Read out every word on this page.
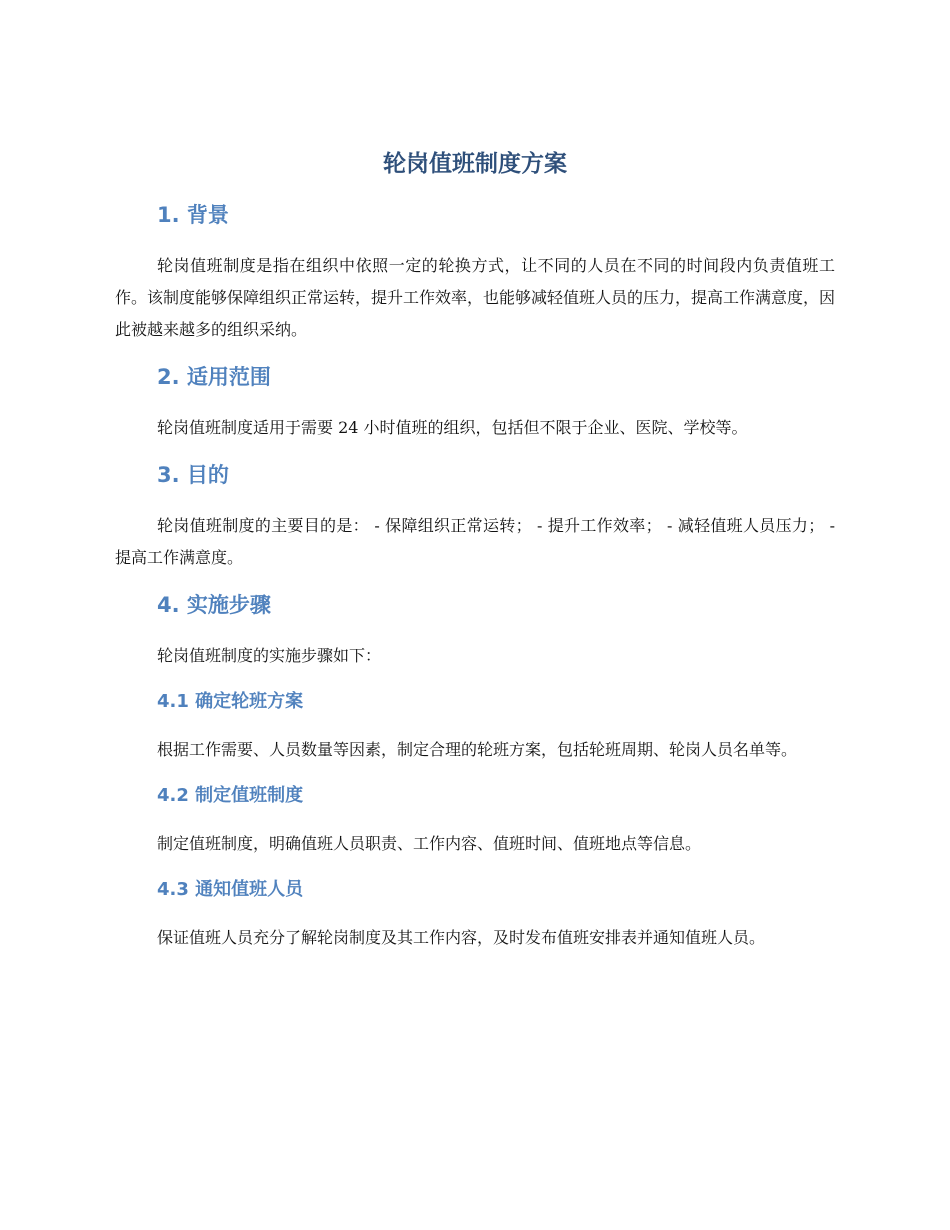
轮岗值班制度方案
1. 背景

轮岗值班制度是指在组织中依照一定的轮换方式，让不同的人员在不同的时间段内负责值班工作。该制度能够保障组织正常运转，提升工作效率，也能够减轻值班人员的压力，提高工作满意度，因此被越来越多的组织采纳。

2. 适用范围

轮岗值班制度适用于需要 24 小时值班的组织，包括但不限于企业、医院、学校等。

3. 目的

轮岗值班制度的主要目的是： - 保障组织正常运转； - 提升工作效率； - 减轻值班人员压力； - 提高工作满意度。

4. 实施步骤

轮岗值班制度的实施步骤如下：

4.1 确定轮班方案

根据工作需要、人员数量等因素，制定合理的轮班方案，包括轮班周期、轮岗人员名单等。

4.2 制定值班制度

制定值班制度，明确值班人员职责、工作内容、值班时间、值班地点等信息。

4.3 通知值班人员

保证值班人员充分了解轮岗制度及其工作内容，及时发布值班安排表并通知值班人员。
